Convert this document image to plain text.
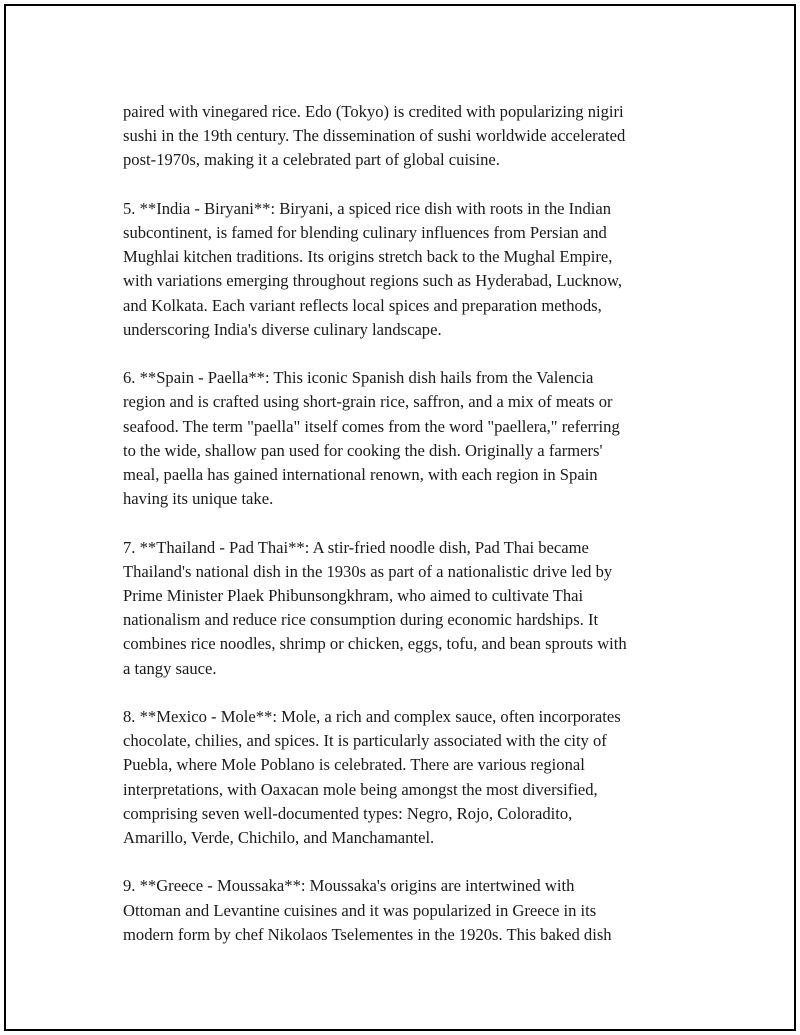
paired with vinegared rice. Edo (Tokyo) is credited with popularizing nigiri
sushi in the 19th century. The dissemination of sushi worldwide accelerated
post-1970s, making it a celebrated part of global cuisine.

5. **India - Biryani**: Biryani, a spiced rice dish with roots in the Indian
subcontinent, is famed for blending culinary influences from Persian and
Mughlai kitchen traditions. Its origins stretch back to the Mughal Empire,
with variations emerging throughout regions such as Hyderabad, Lucknow,
and Kolkata. Each variant reflects local spices and preparation methods,
underscoring India's diverse culinary landscape.

6. **Spain - Paella**: This iconic Spanish dish hails from the Valencia
region and is crafted using short-grain rice, saffron, and a mix of meats or
seafood. The term "paella" itself comes from the word "paellera," referring
to the wide, shallow pan used for cooking the dish. Originally a farmers'
meal, paella has gained international renown, with each region in Spain
having its unique take.

7. **Thailand - Pad Thai**: A stir-fried noodle dish, Pad Thai became
Thailand's national dish in the 1930s as part of a nationalistic drive led by
Prime Minister Plaek Phibunsongkhram, who aimed to cultivate Thai
nationalism and reduce rice consumption during economic hardships. It
combines rice noodles, shrimp or chicken, eggs, tofu, and bean sprouts with
a tangy sauce.

8. **Mexico - Mole**: Mole, a rich and complex sauce, often incorporates
chocolate, chilies, and spices. It is particularly associated with the city of
Puebla, where Mole Poblano is celebrated. There are various regional
interpretations, with Oaxacan mole being amongst the most diversified,
comprising seven well-documented types: Negro, Rojo, Coloradito,
Amarillo, Verde, Chichilo, and Manchamantel.

9. **Greece - Moussaka**: Moussaka's origins are intertwined with
Ottoman and Levantine cuisines and it was popularized in Greece in its
modern form by chef Nikolaos Tselementes in the 1920s. This baked dish
